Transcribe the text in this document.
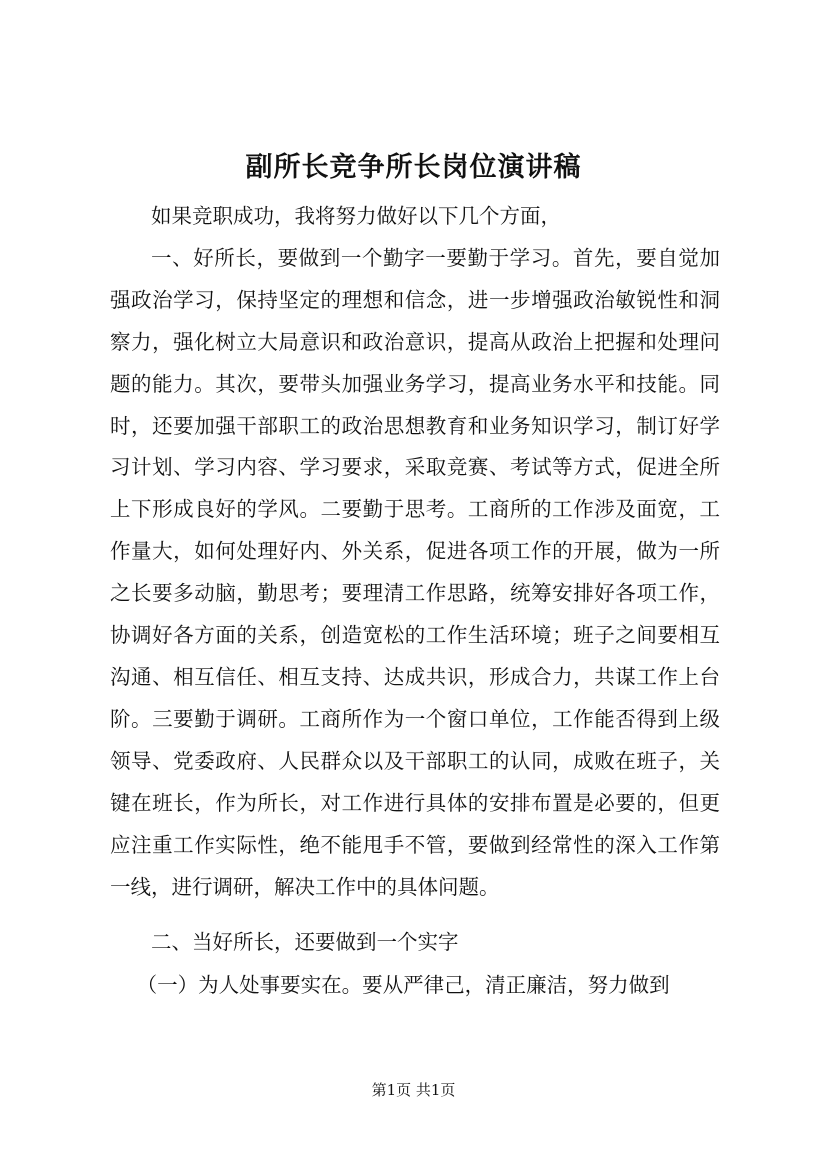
副所长竞争所长岗位演讲稿

如果竞职成功，我将努力做好以下几个方面，

一、好所长，要做到一个勤字一要勤于学习。首先，要自觉加强政治学习，保持坚定的理想和信念，进一步增强政治敏锐性和洞察力，强化树立大局意识和政治意识，提高从政治上把握和处理问题的能力。其次，要带头加强业务学习，提高业务水平和技能。同时，还要加强干部职工的政治思想教育和业务知识学习，制订好学习计划、学习内容、学习要求，采取竞赛、考试等方式，促进全所上下形成良好的学风。二要勤于思考。工商所的工作涉及面宽，工作量大，如何处理好内、外关系，促进各项工作的开展，做为一所之长要多动脑，勤思考；要理清工作思路，统筹安排好各项工作，协调好各方面的关系，创造宽松的工作生活环境；班子之间要相互沟通、相互信任、相互支持、达成共识，形成合力，共谋工作上台阶。三要勤于调研。工商所作为一个窗口单位，工作能否得到上级领导、党委政府、人民群众以及干部职工的认同，成败在班子，关键在班长，作为所长，对工作进行具体的安排布置是必要的，但更应注重工作实际性，绝不能甩手不管，要做到经常性的深入工作第一线，进行调研，解决工作中的具体问题。

二、当好所长，还要做到一个实字

（一）为人处事要实在。要从严律己，清正廉洁，努力做到

第1页 共1页
